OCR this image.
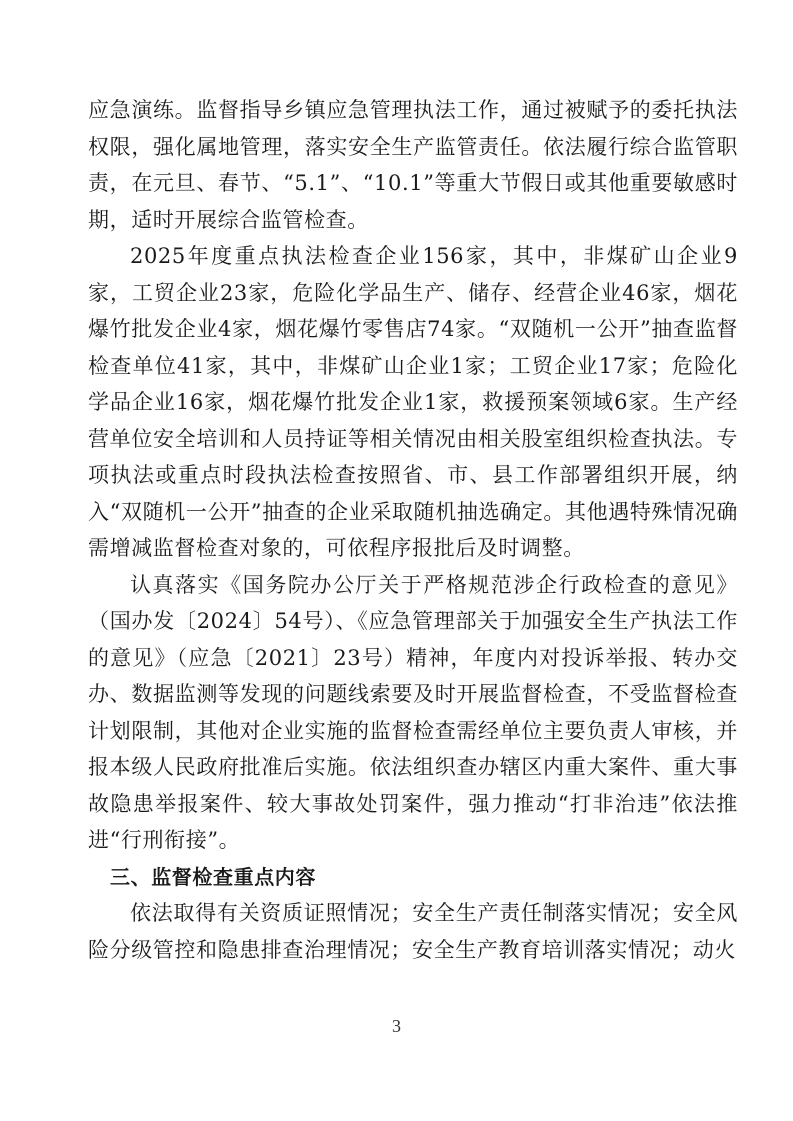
应急演练。监督指导乡镇应急管理执法工作，通过被赋予的委托执法权限，强化属地管理，落实安全生产监管责任。依法履行综合监管职责，在元旦、春节、“5.1”、“10.1”等重大节假日或其他重要敏感时期，适时开展综合监管检查。

2025年度重点执法检查企业156家，其中，非煤矿山企业9家，工贸企业23家，危险化学品生产、储存、经营企业46家，烟花爆竹批发企业4家，烟花爆竹零售店74家。“双随机一公开”抽查监督检查单位41家，其中，非煤矿山企业1家；工贸企业17家；危险化学品企业16家，烟花爆竹批发企业1家，救援预案领域6家。生产经营单位安全培训和人员持证等相关情况由相关股室组织检查执法。专项执法或重点时段执法检查按照省、市、县工作部署组织开展，纳入“双随机一公开”抽查的企业采取随机抽选确定。其他遇特殊情况确需增减监督检查对象的，可依程序报批后及时调整。

认真落实《国务院办公厅关于严格规范涉企行政检查的意见》（国办发〔2024〕54号）、《应急管理部关于加强安全生产执法工作的意见》（应急〔2021〕23号）精神，年度内对投诉举报、转办交办、数据监测等发现的问题线索要及时开展监督检查，不受监督检查计划限制，其他对企业实施的监督检查需经单位主要负责人审核，并报本级人民政府批准后实施。依法组织查办辖区内重大案件、重大事故隐患举报案件、较大事故处罚案件，强力推动“打非治违”依法推进“行刑衔接”。

三、监督检查重点内容

依法取得有关资质证照情况；安全生产责任制落实情况；安全风险分级管控和隐患排查治理情况；安全生产教育培训落实情况；动火

3
